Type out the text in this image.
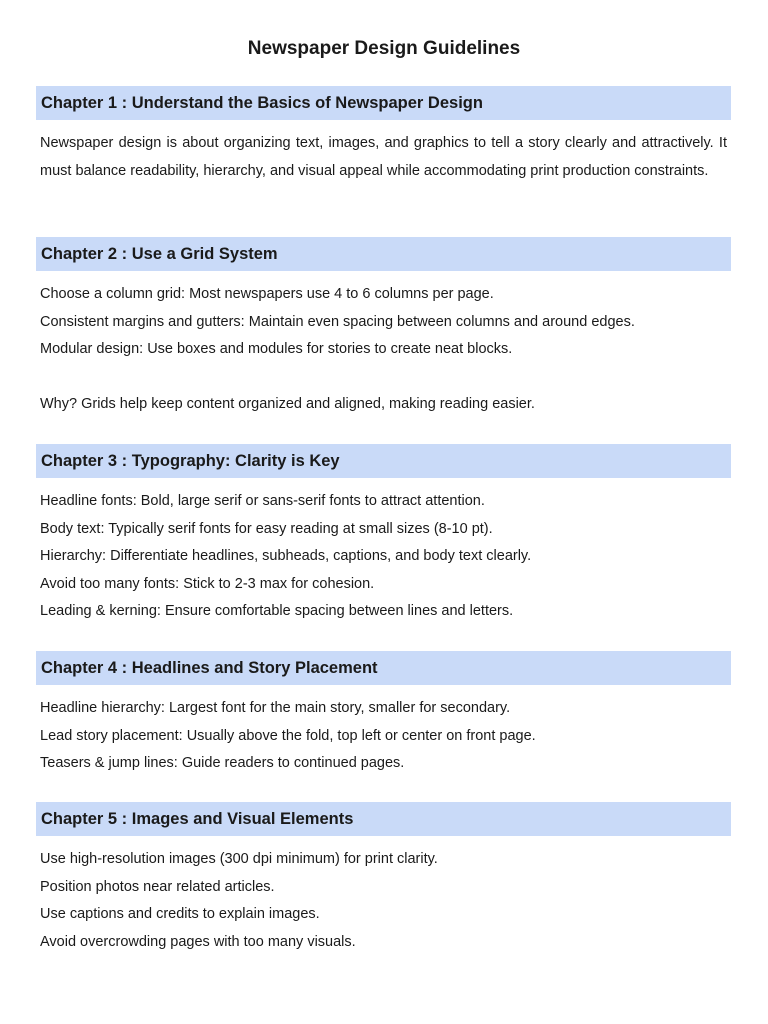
Newspaper Design Guidelines
Chapter 1 : Understand the Basics of Newspaper Design

Newspaper design is about organizing text, images, and graphics to tell a story clearly and attractively. It must balance readability, hierarchy, and visual appeal while accommodating print production constraints.

Chapter 2 : Use a Grid System

Choose a column grid: Most newspapers use 4 to 6 columns per page.

Consistent margins and gutters: Maintain even spacing between columns and around edges.

Modular design: Use boxes and modules for stories to create neat blocks.

Why? Grids help keep content organized and aligned, making reading easier.

Chapter 3 : Typography: Clarity is Key

Headline fonts: Bold, large serif or sans-serif fonts to attract attention.

Body text: Typically serif fonts for easy reading at small sizes (8-10 pt).

Hierarchy: Differentiate headlines, subheads, captions, and body text clearly.

Avoid too many fonts: Stick to 2-3 max for cohesion.

Leading & kerning: Ensure comfortable spacing between lines and letters.

Chapter 4 : Headlines and Story Placement

Headline hierarchy: Largest font for the main story, smaller for secondary.

Lead story placement: Usually above the fold, top left or center on front page.

Teasers & jump lines: Guide readers to continued pages.

Chapter 5 : Images and Visual Elements

Use high-resolution images (300 dpi minimum) for print clarity.

Position photos near related articles.

Use captions and credits to explain images.

Avoid overcrowding pages with too many visuals.
